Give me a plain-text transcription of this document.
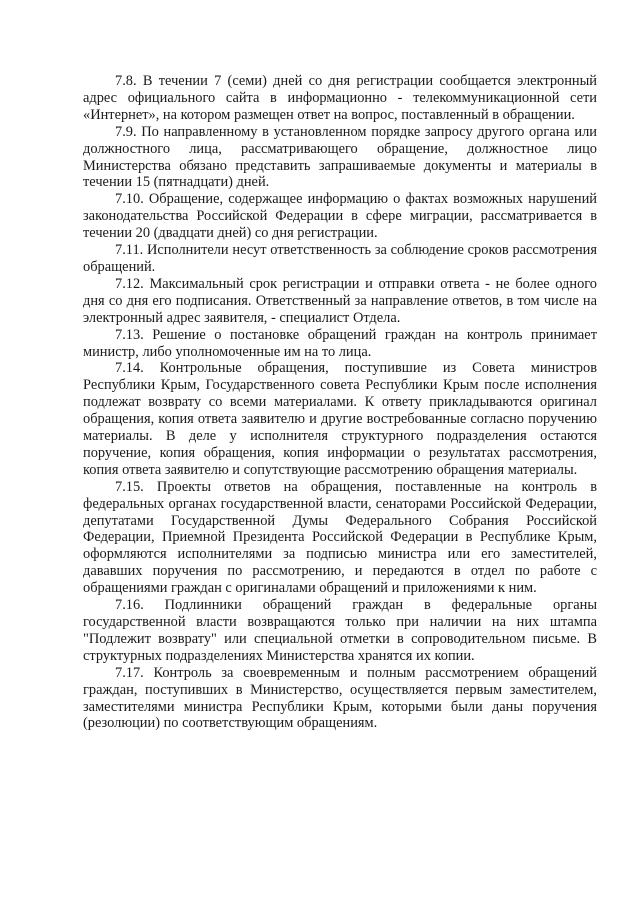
7.8. В течении 7 (семи) дней со дня регистрации сообщается электронный адрес официального сайта в информационно - телекоммуникационной сети «Интернет», на котором размещен ответ на вопрос, поставленный в обращении.

7.9. По направленному в установленном порядке запросу другого органа или должностного лица, рассматривающего обращение, должностное лицо Министерства обязано представить запрашиваемые документы и материалы в течении 15 (пятнадцати) дней.

7.10. Обращение, содержащее информацию о фактах возможных нарушений законодательства Российской Федерации в сфере миграции, рассматривается в течении 20 (двадцати дней) со дня регистрации.

7.11. Исполнители несут ответственность за соблюдение сроков рассмотрения обращений.

7.12. Максимальный срок регистрации и отправки ответа - не более одного дня со дня его подписания. Ответственный за направление ответов, в том числе на электронный адрес заявителя, - специалист Отдела.

7.13. Решение о постановке обращений граждан на контроль принимает министр, либо уполномоченные им на то лица.

7.14. Контрольные обращения, поступившие из Совета министров Республики Крым, Государственного совета Республики Крым после исполнения подлежат возврату со всеми материалами. К ответу прикладываются оригинал обращения, копия ответа заявителю и другие востребованные согласно поручению материалы. В деле у исполнителя структурного подразделения остаются поручение, копия обращения, копия информации о результатах рассмотрения, копия ответа заявителю и сопутствующие рассмотрению обращения материалы.

7.15. Проекты ответов на обращения, поставленные на контроль в федеральных органах государственной власти, сенаторами Российской Федерации, депутатами Государственной Думы Федерального Собрания Российской Федерации, Приемной Президента Российской Федерации в Республике Крым, оформляются исполнителями за подписью министра или его заместителей, дававших поручения по рассмотрению, и передаются в отдел по работе с обращениями граждан с оригиналами обращений и приложениями к ним.

7.16. Подлинники обращений граждан в федеральные органы государственной власти возвращаются только при наличии на них штампа "Подлежит возврату" или специальной отметки в сопроводительном письме. В структурных подразделениях Министерства хранятся их копии.

7.17. Контроль за своевременным и полным рассмотрением обращений граждан, поступивших в Министерство, осуществляется первым заместителем, заместителями министра Республики Крым, которыми были даны поручения (резолюции) по соответствующим обращениям.
